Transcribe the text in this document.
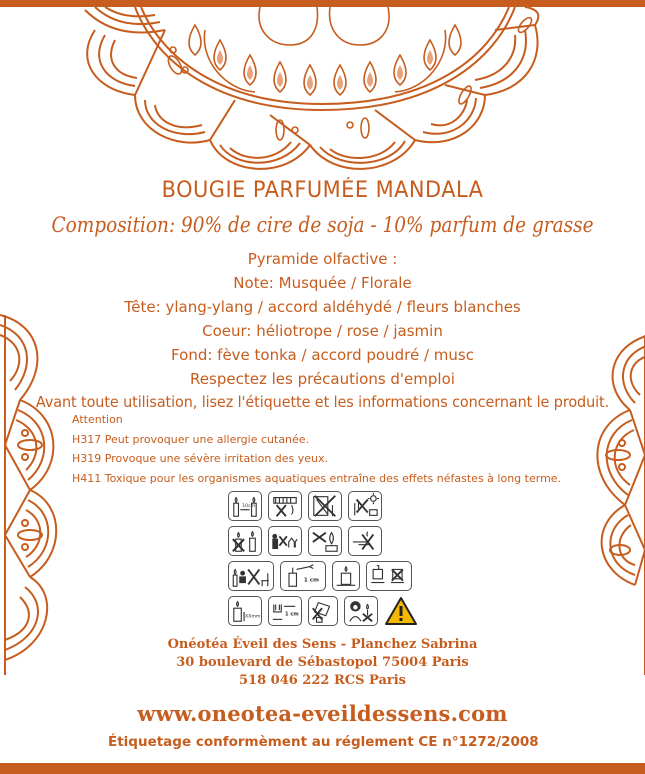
BOUGIE PARFUMÉE MANDALA
Composition: 90% de cire de soja - 10% parfum de grasse
Pyramide olfactive :
Note: Musquée / Florale
Tête: ylang-ylang / accord aldéhydé / fleurs blanches
Coeur: héliotrope / rose / jasmin
Fond: fève tonka / accord poudré / musc
Respectez les précautions d'emploi
Avant toute utilisation, lisez l'étiquette et les informations concernant le produit.
Attention
H317 Peut provoquer une allergie cutanée.
H319 Provoque une sévère irritation des yeux.
H411 Toxique pour les organismes aquatiques entraîne des effets néfastes à long terme.
10cm
1 cm
XXmm	1 cm
Onéotéa Éveil des Sens - Planchez Sabrina
30 boulevard de Sébastopol 75004 Paris
518 046 222 RCS Paris
www.oneotea-eveildessens.com
Étiquetage conformèment au réglement CE n°1272/2008
